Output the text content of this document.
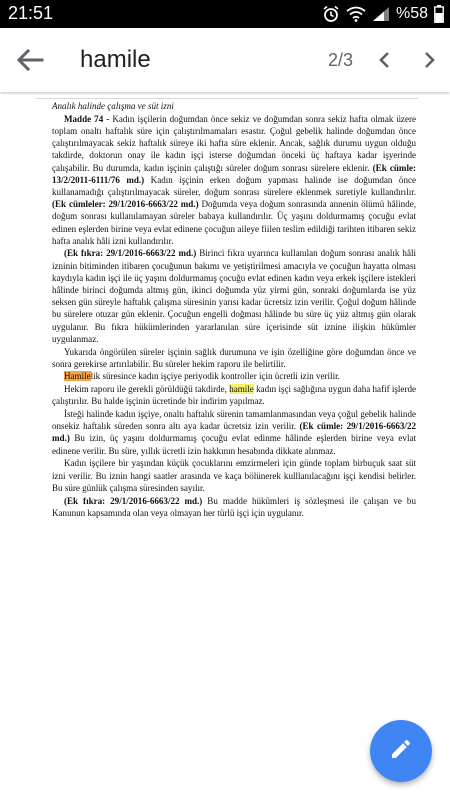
21:51	%58
hamile	2/3

Analık halinde çalışma ve süt izni

Madde 74 - Kadın işçilerin doğumdan önce sekiz ve doğumdan sonra sekiz hafta olmak üzere toplam onaltı haftalık süre için çalıştırılmamaları esastır. Çoğul gebelik halinde doğumdan önce çalıştırılmayacak sekiz haftalık süreye iki hafta süre eklenir. Ancak, sağlık durumu uygun olduğu takdirde, doktorun onay ile kadın işçi isterse doğumdan önceki üç haftaya kadar işyerinde çalışabilir. Bu durumda, kadın işçinin çalıştığı süreler doğum sonrası sürelere eklenir. (Ek cümle: 13/2/2011-6111/76 md.) Kadın işçinin erken doğum yapması halinde ise doğumdan önce kullanamadığı çalıştırılmayacak süreler, doğum sonrası sürelere eklenmek suretiyle kullandırılır. (Ek cümleler: 29/1/2016-6663/22 md.) Doğumda veya doğum sonrasında annenin ölümü hâlinde, doğum sonrası kullanılamayan süreler babaya kullandırılır. Üç yaşını doldurmamış çocuğu evlat edinen eşlerden birine veya evlat edinene çocuğun aileye fiilen teslim edildiği tarihten itibaren sekiz hafta analık hâli izni kullandırılır.

(Ek fıkra: 29/1/2016-6663/22 md.) Birinci fıkra uyarınca kullanılan doğum sonrası analık hâli izninin bitiminden itibaren çocuğunun bakımı ve yetiştirilmesi amacıyla ve çocuğun hayatta olması kaydıyla kadın işçi ile üç yaşını doldurmamış çocuğu evlat edinen kadın veya erkek işçilere istekleri hâlinde birinci doğumda altmış gün, ikinci doğumda yüz yirmi gün, sonraki doğumlarda ise yüz seksen gün süreyle haftalık çalışma süresinin yarısı kadar ücretsiz izin verilir. Çoğul doğum hâlinde bu sürelere otuzar gün eklenir. Çocuğun engelli doğması hâlinde bu süre üç yüz altmış gün olarak uygulanır. Bu fıkra hükümlerinden yararlanılan süre içerisinde süt iznine ilişkin hükümler uygulanmaz.

Yukarıda öngörülen süreler işçinin sağlık durumuna ve işin özelliğine göre doğumdan önce ve sonra gerekirse artırılabilir. Bu süreler hekim raporu ile belirtilir.

Hamilelik süresince kadın işçiye periyodik kontroller için ücretli izin verilir.

Hekim raporu ile gerekli görüldüğü takdirde, hamile kadın işçi sağlığına uygun daha hafif işlerde çalıştırılır. Bu halde işçinin ücretinde bir indirim yapılmaz.

İsteği halinde kadın işçiye, onaltı haftalık sürenin tamamlanmasından veya çoğul gebelik halinde onsekiz haftalık süreden sonra altı aya kadar ücretsiz izin verilir. (Ek cümle: 29/1/2016-6663/22 md.) Bu izin, üç yaşını doldurmamış çocuğu evlat edinme hâlinde eşlerden birine veya evlat edinene verilir. Bu süre, yıllık ücretli izin hakkının hesabında dikkate alınmaz.

Kadın işçilere bir yaşından küçük çocuklarını emzirmeleri için günde toplam birbuçuk saat süt izni verilir. Bu iznin hangi saatler arasında ve kaça bölünerek kulllanılacağını işçi kendisi belirler. Bu süre günlük çalışma süresinden sayılır.

(Ek fıkra: 29/1/2016-6663/22 md.) Bu madde hükümleri iş sözleşmesi ile çalışan ve bu Kanunun kapsamında olan veya olmayan her türlü işçi için uygulanır.
